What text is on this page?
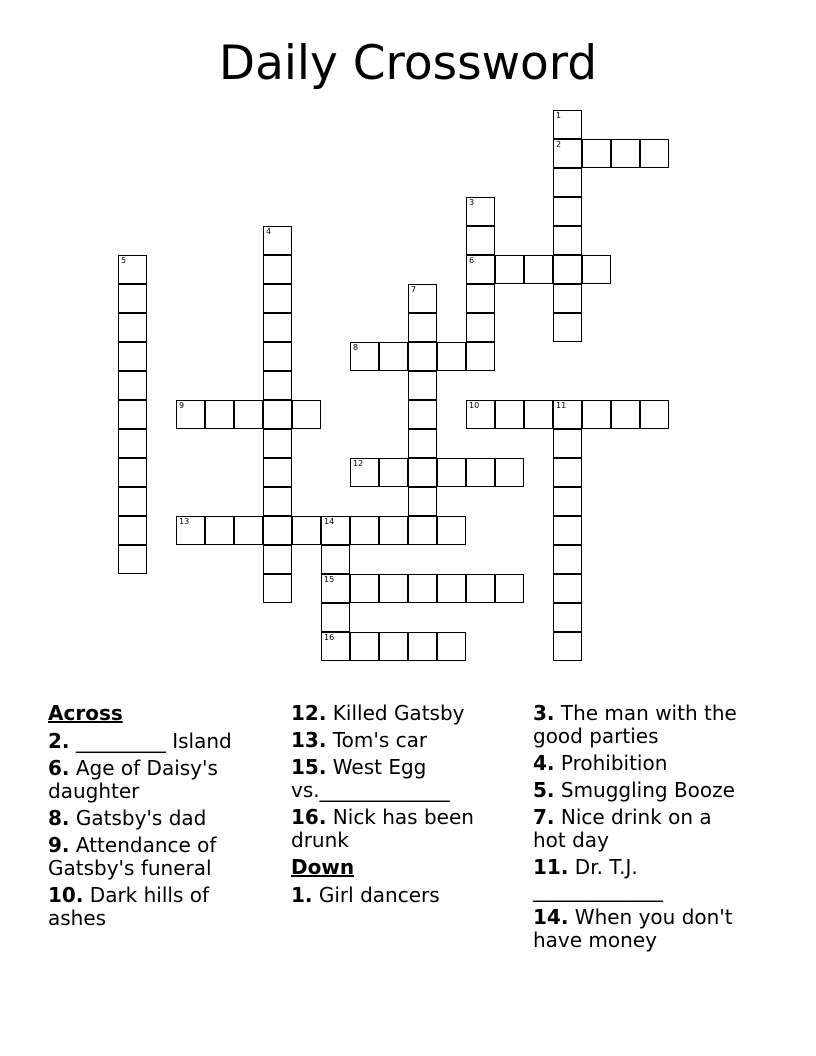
Daily Crossword
1
2
3
6
4
5
7
8
9	10	11
12
13	14
15
16
Across
2. _________ Island
6. Age of Daisy's daughter
8. Gatsby's dad
9. Attendance of Gatsby's funeral
10. Dark hills of ashes
12. Killed Gatsby
13. Tom's car
15. West Egg vs._____________
16. Nick has been drunk
Down
1. Girl dancers
3. The man with the good parties
4. Prohibition
5. Smuggling Booze
7. Nice drink on a hot day
11. Dr. T.J. _____________
14. When you don't have money
